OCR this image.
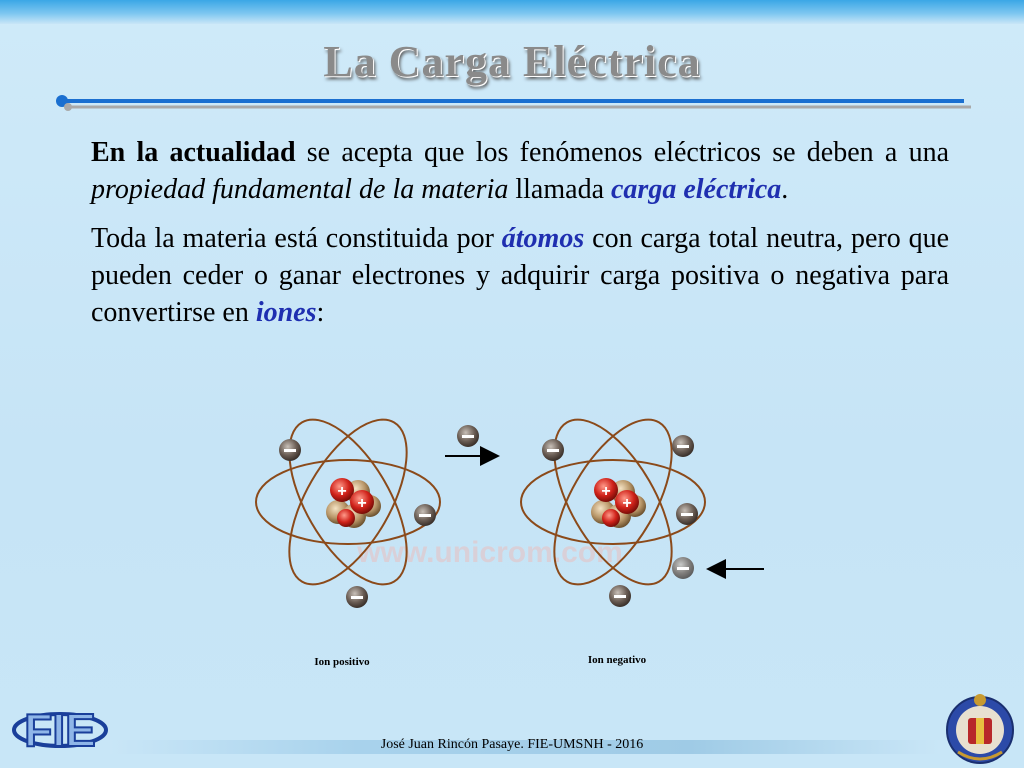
La Carga Eléctrica

En la actualidad se acepta que los fenómenos eléctricos se deben a una propiedad fundamental de la materia llamada carga eléctrica.

Toda la materia está constituida por átomos con carga total neutra, pero que pueden ceder o ganar electrones y adquirir carga positiva o negativa para convertirse en iones:

www.unicrom.com
+
+
+
+
Ion positivo	Ion negativo
José Juan Rincón Pasaye. FIE-UMSNH - 2016
FIE
